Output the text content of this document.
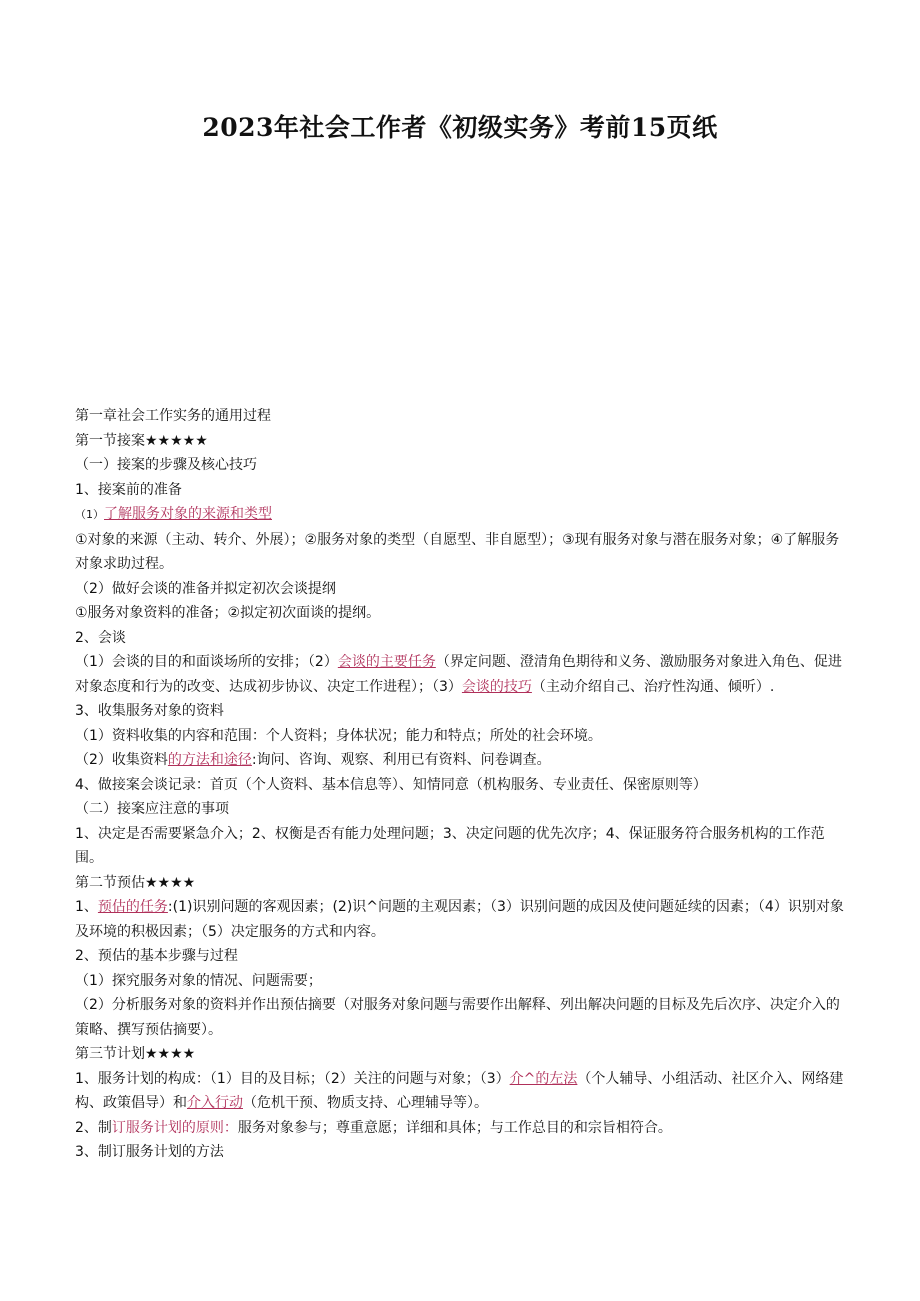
2023年社会工作者《初级实务》考前15页纸
第一章社会工作实务的通用过程
第一节接案★★★★★
（一）接案的步骤及核心技巧
1、接案前的准备
（1）了解服务对象的来源和类型
①对象的来源（主动、转介、外展）；②服务对象的类型（自愿型、非自愿型）；③现有服务对象与潜在服务对象；④了解服务对象求助过程。
（2）做好会谈的准备并拟定初次会谈提纲
①服务对象资料的准备；②拟定初次面谈的提纲。
2、会谈
（1）会谈的目的和面谈场所的安排；（2）会谈的主要任务（界定问题、澄清角色期待和义务、激励服务对象进入角色、促进对象态度和行为的改变、达成初步协议、决定工作进程）；（3）会谈的技巧（主动介绍自己、治疗性沟通、倾听）.
3、收集服务对象的资料
（1）资料收集的内容和范围：个人资料；身体状况；能力和特点；所处的社会环境。
（2）收集资料的方法和途径:询问、咨询、观察、利用已有资料、问卷调查。
4、做接案会谈记录：首页（个人资料、基本信息等）、知情同意（机构服务、专业责任、保密原则等）
（二）接案应注意的事项
1、决定是否需要紧急介入；2、权衡是否有能力处理问题；3、决定问题的优先次序；4、保证服务符合服务机构的工作范围。
第二节预估★★★★
1、预估的任务:(1)识别问题的客观因素；(2)识^问题的主观因素；（3）识别问题的成因及使问题延续的因素；（4）识别对象及环境的积极因素；（5）决定服务的方式和内容。
2、预估的基本步骤与过程
（1）探究服务对象的情况、问题需要；
（2）分析服务对象的资料并作出预估摘要（对服务对象问题与需要作出解释、列出解决问题的目标及先后次序、决定介入的策略、撰写预估摘要）。
第三节计划★★★★
1、服务计划的构成：（1）目的及目标；（2）关注的问题与对象；（3）介^的左法（个人辅导、小组活动、社区介入、网络建构、政策倡导）和介入行动（危机干预、物质支持、心理辅导等）。
2、制订服务计划的原则：服务对象参与；尊重意愿；详细和具体；与工作总目的和宗旨相符合。
3、制订服务计划的方法
